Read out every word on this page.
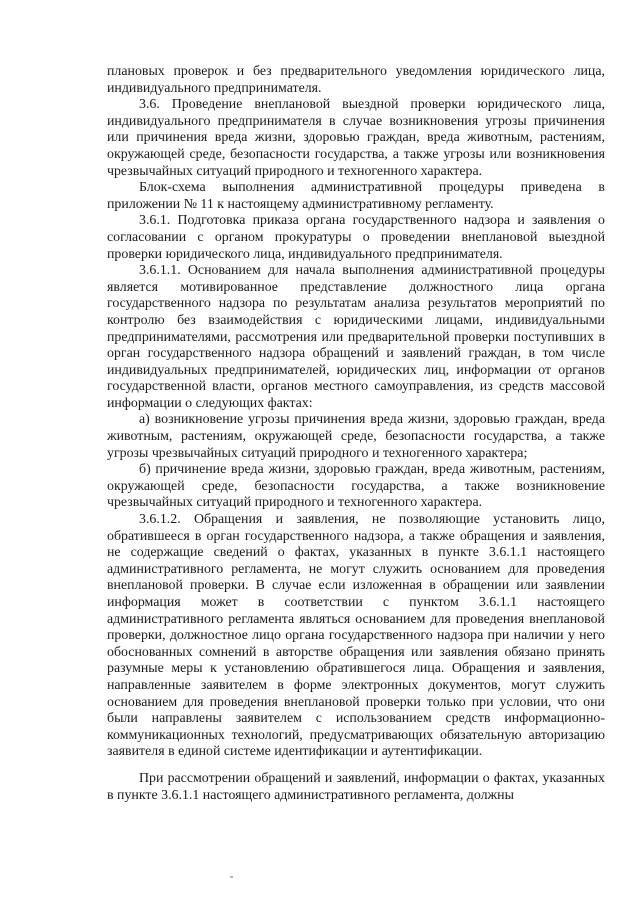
плановых проверок и без предварительного уведомления юридического лица, индивидуального предпринимателя.

3.6. Проведение внеплановой выездной проверки юридического лица, индивидуального предпринимателя в случае возникновения угрозы причинения или причинения вреда жизни, здоровью граждан, вреда животным, растениям, окружающей среде, безопасности государства, а также угрозы или возникновения чрезвычайных ситуаций природного и техногенного характера.

Блок-схема выполнения административной процедуры приведена в приложении № 11 к настоящему административному регламенту.

3.6.1. Подготовка приказа органа государственного надзора и заявления о согласовании с органом прокуратуры о проведении внеплановой выездной проверки юридического лица, индивидуального предпринимателя.

3.6.1.1. Основанием для начала выполнения административной процедуры является мотивированное представление должностного лица органа государственного надзора по результатам анализа результатов мероприятий по контролю без взаимодействия с юридическими лицами, индивидуальными предпринимателями, рассмотрения или предварительной проверки поступивших в орган государственного надзора обращений и заявлений граждан, в том числе индивидуальных предпринимателей, юридических лиц, информации от органов государственной власти, органов местного самоуправления, из средств массовой информации о следующих фактах:

а) возникновение угрозы причинения вреда жизни, здоровью граждан, вреда животным, растениям, окружающей среде, безопасности государства, а также угрозы чрезвычайных ситуаций природного и техногенного характера;

б) причинение вреда жизни, здоровью граждан, вреда животным, растениям, окружающей среде, безопасности государства, а также возникновение чрезвычайных ситуаций природного и техногенного характера.

3.6.1.2. Обращения и заявления, не позволяющие установить лицо, обратившееся в орган государственного надзора, а также обращения и заявления, не содержащие сведений о фактах, указанных в пункте 3.6.1.1 настоящего административного регламента, не могут служить основанием для проведения внеплановой проверки. В случае если изложенная в обращении или заявлении информация может в соответствии с пунктом 3.6.1.1 настоящего административного регламента являться основанием для проведения внеплановой проверки, должностное лицо органа государственного надзора при наличии у него обоснованных сомнений в авторстве обращения или заявления обязано принять разумные меры к установлению обратившегося лица. Обращения и заявления, направленные заявителем в форме электронных документов, могут служить основанием для проведения внеплановой проверки только при условии, что они были направлены заявителем с использованием средств информационно-коммуникационных технологий, предусматривающих обязательную авторизацию заявителя в единой системе идентификации и аутентификации.

При рассмотрении обращений и заявлений, информации о фактах, указанных в пункте 3.6.1.1 настоящего административного регламента, должны
